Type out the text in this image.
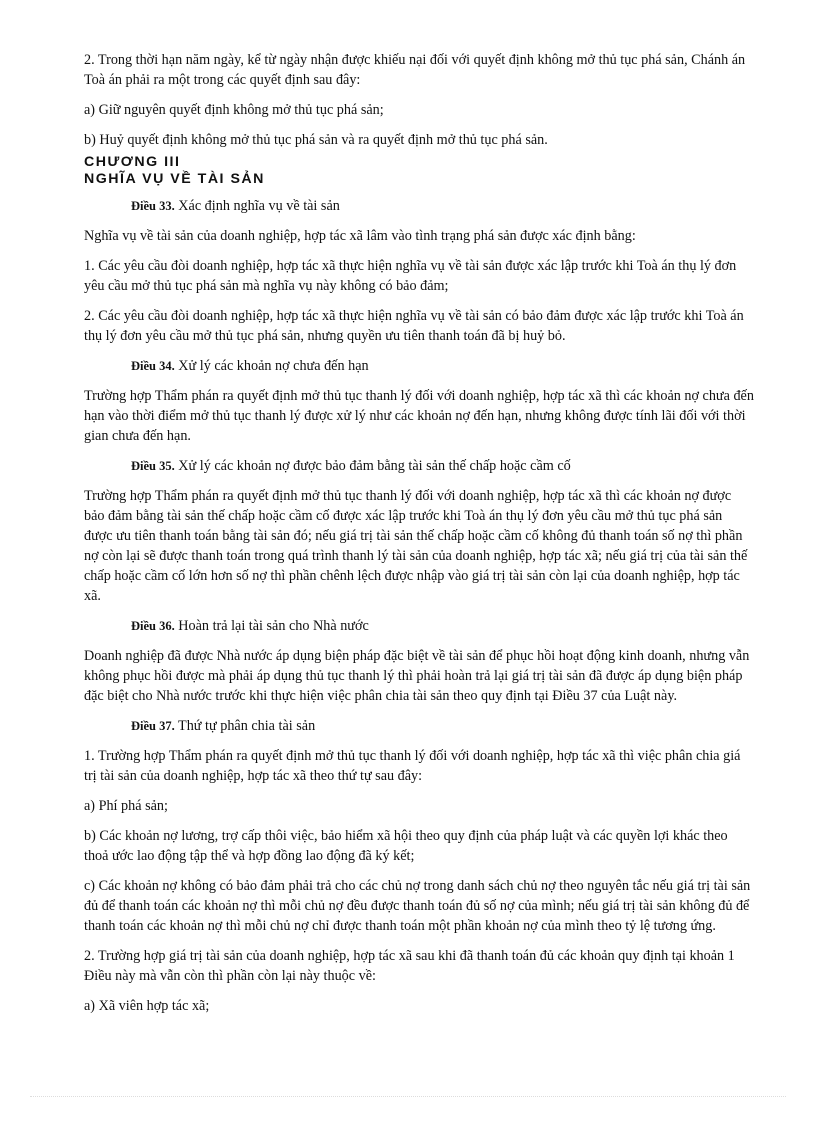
2. Trong thời hạn năm ngày, kể từ ngày nhận được khiếu nại đối với quyết định không mở thủ tục phá sản, Chánh án Toà án phải ra một trong các quyết định sau đây:

a) Giữ nguyên quyết định không mở thủ tục phá sản;

b) Huỷ quyết định không mở thủ tục phá sản và ra quyết định mở thủ tục phá sản.

CHƯƠNG III

NGHĨA VỤ VỀ TÀI SẢN

Điều 33. Xác định nghĩa vụ về tài sản

Nghĩa vụ về tài sản của doanh nghiệp, hợp tác xã lâm vào tình trạng phá sản được xác định bằng:

1. Các yêu cầu đòi doanh nghiệp, hợp tác xã thực hiện nghĩa vụ về tài sản được xác lập trước khi Toà án thụ lý đơn yêu cầu mở thủ tục phá sản mà nghĩa vụ này không có bảo đảm;

2. Các yêu cầu đòi doanh nghiệp, hợp tác xã thực hiện nghĩa vụ về tài sản có bảo đảm được xác lập trước khi Toà án thụ lý đơn yêu cầu mở thủ tục phá sản, nhưng quyền ưu tiên thanh toán đã bị huỷ bỏ.

Điều 34. Xử lý các khoản nợ chưa đến hạn

Trường hợp Thẩm phán ra quyết định mở thủ tục thanh lý đối với doanh nghiệp, hợp tác xã thì các khoản nợ chưa đến hạn vào thời điểm mở thủ tục thanh lý được xử lý như các khoản nợ đến hạn, nhưng không được tính lãi đối với thời gian chưa đến hạn.

Điều 35. Xử lý các khoản nợ được bảo đảm bằng tài sản thế chấp hoặc cầm cố

Trường hợp Thẩm phán ra quyết định mở thủ tục thanh lý đối với doanh nghiệp, hợp tác xã thì các khoản nợ được bảo đảm bằng tài sản thế chấp hoặc cầm cố được xác lập trước khi Toà án thụ lý đơn yêu cầu mở thủ tục phá sản được ưu tiên thanh toán bằng tài sản đó; nếu giá trị tài sản thế chấp hoặc cầm cố không đủ thanh toán số nợ thì phần nợ còn lại sẽ được thanh toán trong quá trình thanh lý tài sản của doanh nghiệp, hợp tác xã; nếu giá trị của tài sản thế chấp hoặc cầm cố lớn hơn số nợ thì phần chênh lệch được nhập vào giá trị tài sản còn lại của doanh nghiệp, hợp tác xã.

Điều 36. Hoàn trả lại tài sản cho Nhà nước

Doanh nghiệp đã được Nhà nước áp dụng biện pháp đặc biệt về tài sản để phục hồi hoạt động kinh doanh, nhưng vẫn không phục hồi được mà phải áp dụng thủ tục thanh lý thì phải hoàn trả lại giá trị tài sản đã được áp dụng biện pháp đặc biệt cho Nhà nước trước khi thực hiện việc phân chia tài sản theo quy định tại Điều 37 của Luật này.

Điều 37. Thứ tự phân chia tài sản

1. Trường hợp Thẩm phán ra quyết định mở thủ tục thanh lý đối với doanh nghiệp, hợp tác xã thì việc phân chia giá trị tài sản của doanh nghiệp, hợp tác xã theo thứ tự sau đây:

a) Phí phá sản;

b) Các khoản nợ lương, trợ cấp thôi việc, bảo hiểm xã hội theo quy định của pháp luật và các quyền lợi khác theo thoả ước lao động tập thể và hợp đồng lao động đã ký kết;

c) Các khoản nợ không có bảo đảm phải trả cho các chủ nợ trong danh sách chủ nợ theo nguyên tắc nếu giá trị tài sản đủ để thanh toán các khoản nợ thì mỗi chủ nợ đều được thanh toán đủ số nợ của mình; nếu giá trị tài sản không đủ để thanh toán các khoản nợ thì mỗi chủ nợ chỉ được thanh toán một phần khoản nợ của mình theo tỷ lệ tương ứng.

2. Trường hợp giá trị tài sản của doanh nghiệp, hợp tác xã sau khi đã thanh toán đủ các khoản quy định tại khoản 1 Điều này mà vẫn còn thì phần còn lại này thuộc về:

a) Xã viên hợp tác xã;
